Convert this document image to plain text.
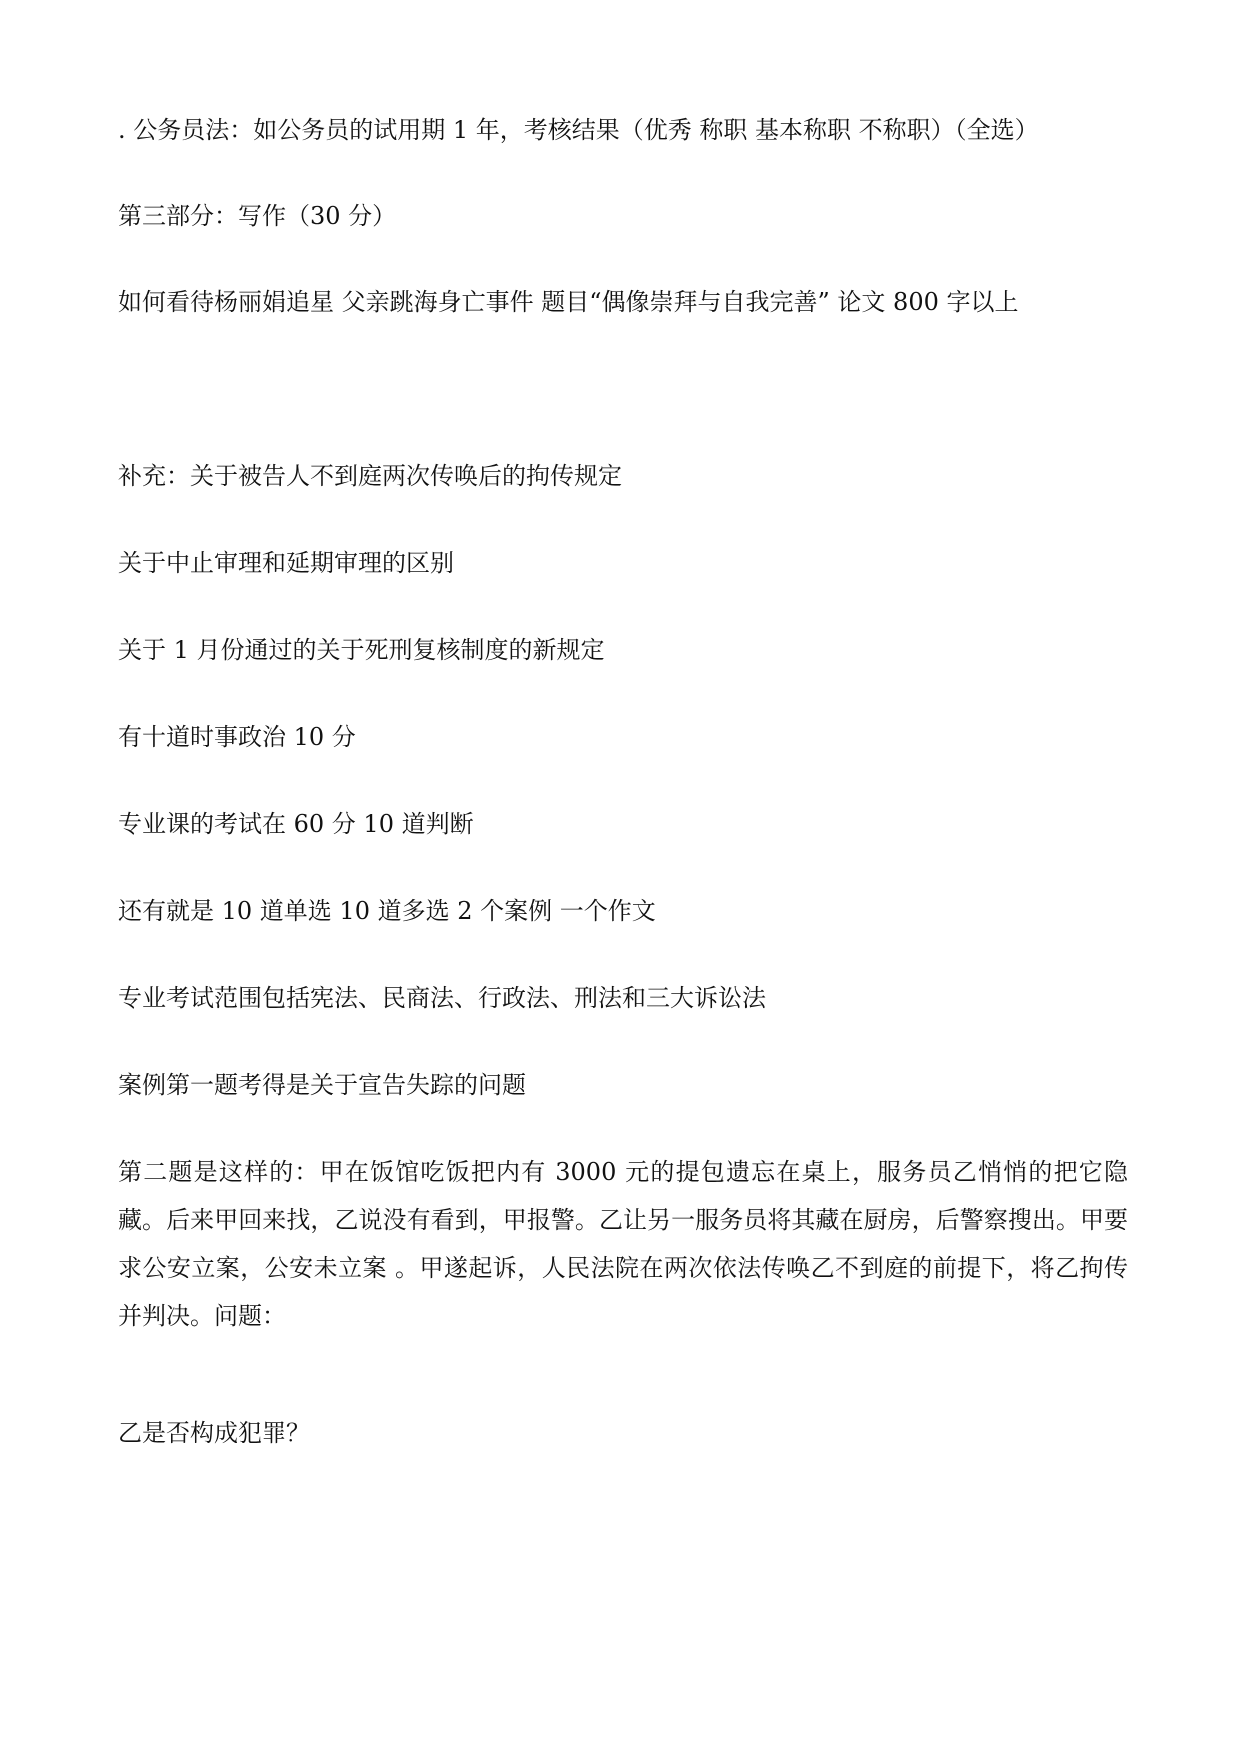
. 公务员法：如公务员的试用期 1 年，考核结果（优秀 称职 基本称职 不称职）（全选）

第三部分：写作（30 分）

如何看待杨丽娟追星 父亲跳海身亡事件 题目“偶像崇拜与自我完善” 论文 800 字以上

补充：关于被告人不到庭两次传唤后的拘传规定

关于中止审理和延期审理的区别

关于 1 月份通过的关于死刑复核制度的新规定

有十道时事政治 10 分

专业课的考试在 60 分 10 道判断

还有就是 10 道单选 10 道多选 2 个案例 一个作文

专业考试范围包括宪法、民商法、行政法、刑法和三大诉讼法

案例第一题考得是关于宣告失踪的问题

第二题是这样的：甲在饭馆吃饭把内有 3000 元的提包遗忘在桌上，服务员乙悄悄的把它隐藏。后来甲回来找，乙说没有看到，甲报警。乙让另一服务员将其藏在厨房，后警察搜出。甲要求公安立案，公安未立案 。甲遂起诉，人民法院在两次依法传唤乙不到庭的前提下，将乙拘传并判决。问题：

乙是否构成犯罪？
